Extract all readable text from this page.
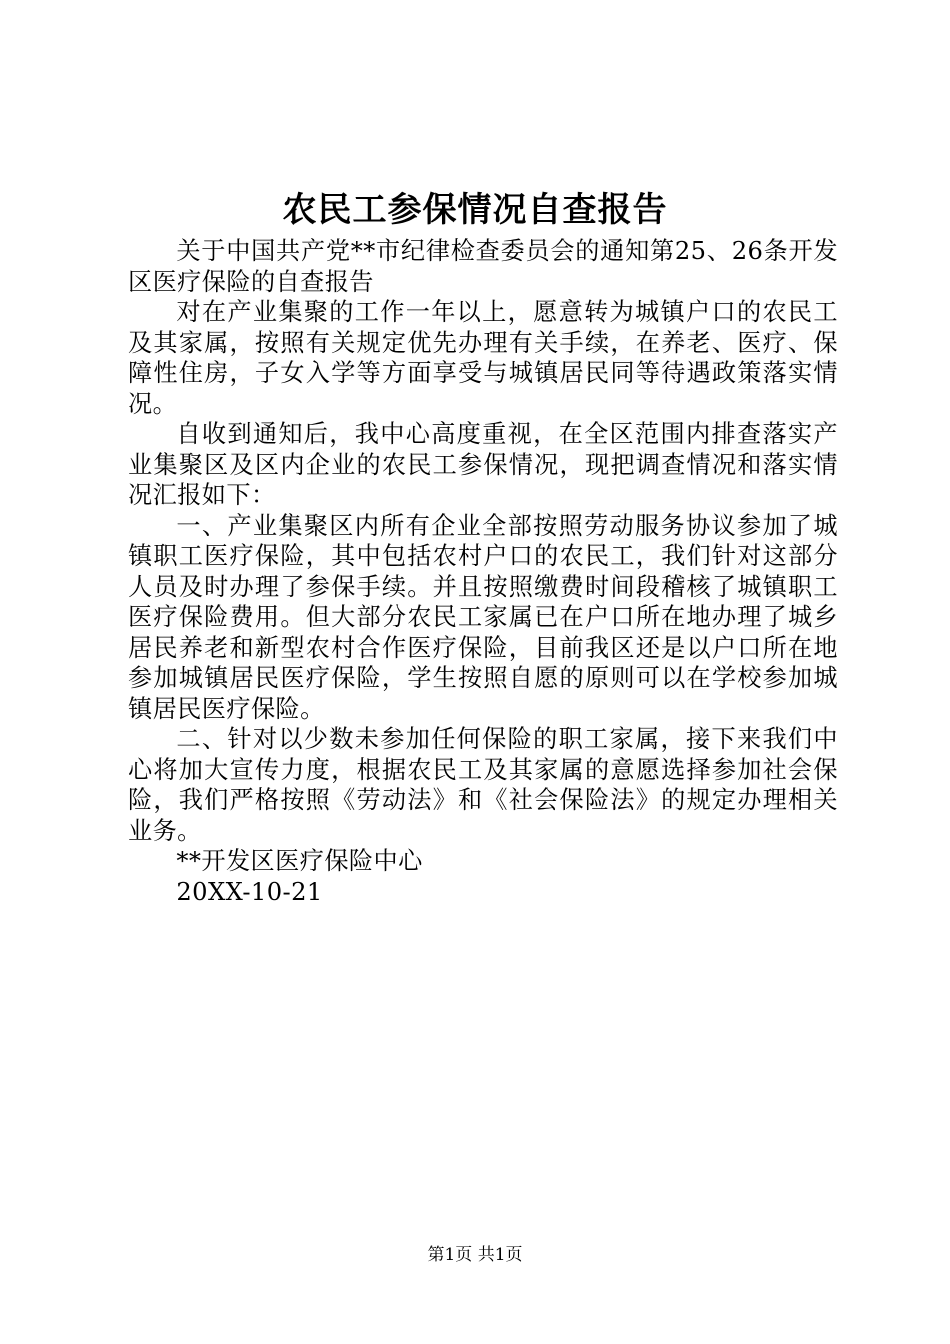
农民工参保情况自查报告

关于中国共产党**市纪律检查委员会的通知第25、26条开发区医疗保险的自查报告

对在产业集聚的工作一年以上，愿意转为城镇户口的农民工及其家属，按照有关规定优先办理有关手续，在养老、医疗、保障性住房，子女入学等方面享受与城镇居民同等待遇政策落实情况。

自收到通知后，我中心高度重视，在全区范围内排查落实产业集聚区及区内企业的农民工参保情况，现把调查情况和落实情况汇报如下：

一、产业集聚区内所有企业全部按照劳动服务协议参加了城镇职工医疗保险，其中包括农村户口的农民工，我们针对这部分人员及时办理了参保手续。并且按照缴费时间段稽核了城镇职工医疗保险费用。但大部分农民工家属已在户口所在地办理了城乡居民养老和新型农村合作医疗保险，目前我区还是以户口所在地参加城镇居民医疗保险，学生按照自愿的原则可以在学校参加城镇居民医疗保险。

二、针对以少数未参加任何保险的职工家属，接下来我们中心将加大宣传力度，根据农民工及其家属的意愿选择参加社会保险，我们严格按照《劳动法》和《社会保险法》的规定办理相关业务。

**开发区医疗保险中心

20XX-10-21

第1页 共1页
